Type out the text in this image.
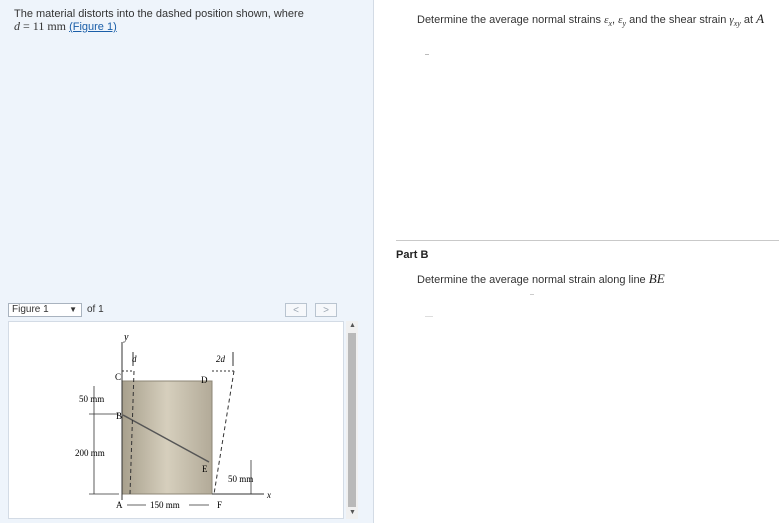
The material distorts into the dashed position shown, where
d = 11 mm (Figure 1)
Figure 1	▼ of 1	<	>
y
d	2d
C	D
B
E
A	F
x
50 mm
200 mm
50 mm
150 mm
▲
▼
Determine the average normal strains $\varepsilon_x$, $\varepsilon_y$ and the shear strain $\gamma_{xy}$ at A
Part B
Determine the average normal strain along line BE
